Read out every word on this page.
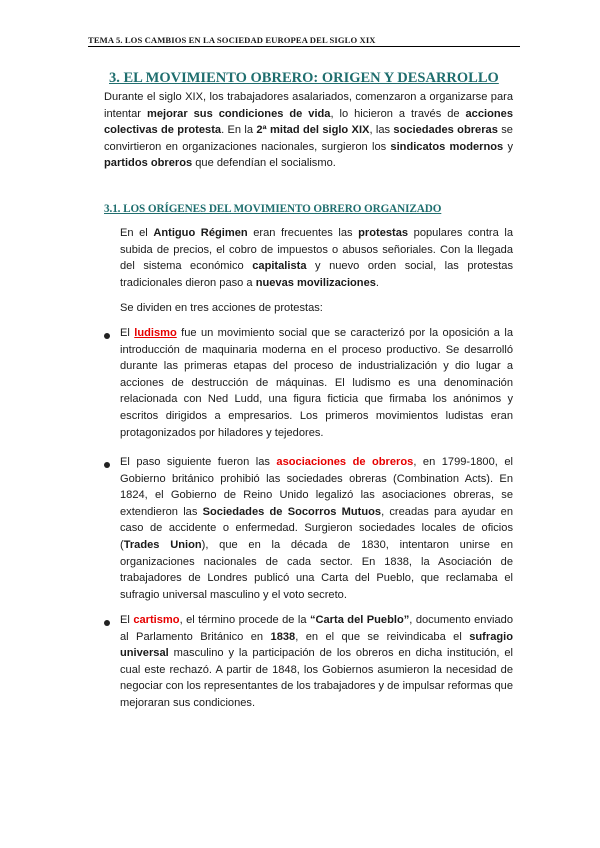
TEMA 5. LOS CAMBIOS EN LA SOCIEDAD EUROPEA DEL SIGLO XIX
3. EL MOVIMIENTO OBRERO: ORIGEN Y DESARROLLO

Durante el siglo XIX, los trabajadores asalariados, comenzaron a organizarse para intentar mejorar sus condiciones de vida, lo hicieron a través de acciones colectivas de protesta. En la 2ª mitad del siglo XIX, las sociedades obreras se convirtieron en organizaciones nacionales, surgieron los sindicatos modernos y partidos obreros que defendían el socialismo.

3.1. LOS ORÍGENES DEL MOVIMIENTO OBRERO ORGANIZADO

En el Antiguo Régimen eran frecuentes las protestas populares contra la subida de precios, el cobro de impuestos o abusos señoriales. Con la llegada del sistema económico capitalista y nuevo orden social, las protestas tradicionales dieron paso a nuevas movilizaciones.

Se dividen en tres acciones de protestas:

El ludismo fue un movimiento social que se caracterizó por la oposición a la introducción de maquinaria moderna en el proceso productivo. Se desarrolló durante las primeras etapas del proceso de industrialización y dio lugar a acciones de destrucción de máquinas. El ludismo es una denominación relacionada con Ned Ludd, una figura ficticia que firmaba los anónimos y escritos dirigidos a empresarios. Los primeros movimientos ludistas eran protagonizados por hiladores y tejedores.

El paso siguiente fueron las asociaciones de obreros, en 1799-1800, el Gobierno británico prohibió las sociedades obreras (Combination Acts). En 1824, el Gobierno de Reino Unido legalizó las asociaciones obreras, se extendieron las Sociedades de Socorros Mutuos, creadas para ayudar en caso de accidente o enfermedad. Surgieron sociedades locales de oficios (Trades Union), que en la década de 1830, intentaron unirse en organizaciones nacionales de cada sector. En 1838, la Asociación de trabajadores de Londres publicó una Carta del Pueblo, que reclamaba el sufragio universal masculino y el voto secreto.

El cartismo, el término procede de la “Carta del Pueblo”, documento enviado al Parlamento Británico en 1838, en el que se reivindicaba el sufragio universal masculino y la participación de los obreros en dicha institución, el cual este rechazó. A partir de 1848, los Gobiernos asumieron la necesidad de negociar con los representantes de los trabajadores y de impulsar reformas que mejoraran sus condiciones.
